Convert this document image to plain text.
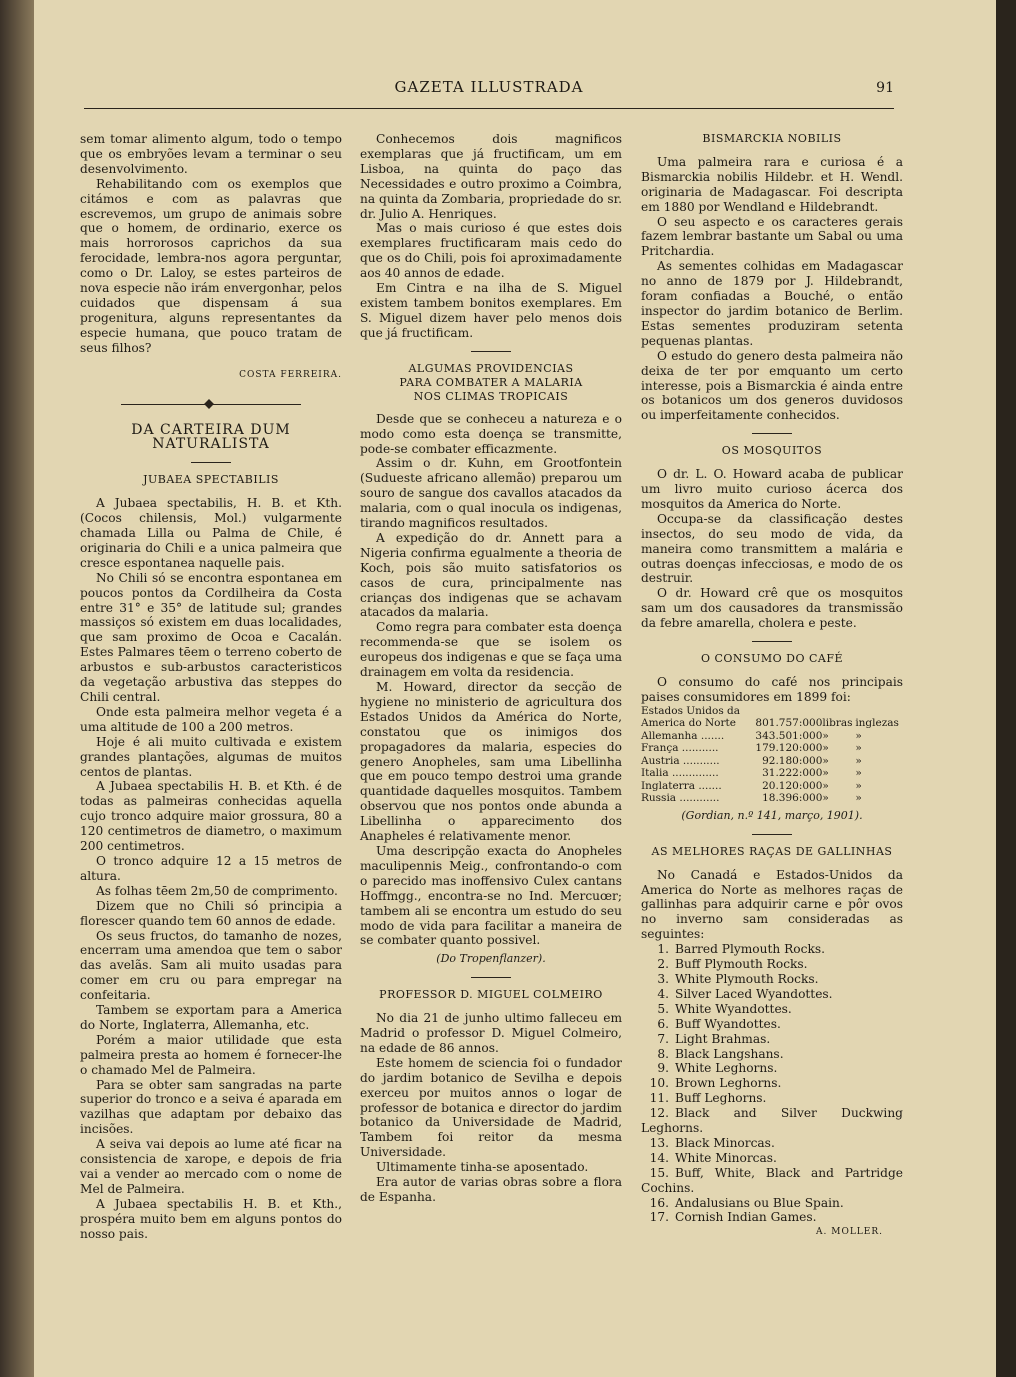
GAZETA ILLUSTRADA	91

sem tomar alimento algum, todo o tempo que os embryões levam a terminar o seu desenvolvimento.

Rehabilitando com os exemplos que citámos e com as palavras que escrevemos, um grupo de animais sobre que o homem, de ordinario, exerce os mais horrorosos caprichos da sua ferocidade, lembra-nos agora perguntar, como o Dr. Laloy, se estes parteiros de nova especie não irám envergonhar, pelos cuidados que dispensam á sua progenitura, alguns representantes da especie humana, que pouco tratam de seus filhos?

COSTA FERREIRA.
DA CARTEIRA DUM NATURALISTA
JUBAEA SPECTABILIS

A Jubaea spectabilis, H. B. et Kth. (Cocos chilensis, Mol.) vulgarmente chamada Lilla ou Palma de Chile, é originaria do Chili e a unica palmeira que cresce espontanea naquelle pais.

No Chili só se encontra espontanea em poucos pontos da Cordilheira da Costa entre 31° e 35° de latitude sul; grandes massiços só existem em duas localidades, que sam proximo de Ocoa e Cacalán. Estes Palmares tēem o terreno coberto de arbustos e sub-arbustos caracteristicos da vegetação arbustiva das steppes do Chili central.

Onde esta palmeira melhor vegeta é a uma altitude de 100 a 200 metros.

Hoje é ali muito cultivada e existem grandes plantações, algumas de muitos centos de plantas.

A Jubaea spectabilis H. B. et Kth. é de todas as palmeiras conhecidas aquella cujo tronco adquire maior grossura, 80 a 120 centimetros de diametro, o maximum 200 centimetros.

O tronco adquire 12 a 15 metros de altura.

As folhas tēem 2m,50 de comprimento.

Dizem que no Chili só principia a florescer quando tem 60 annos de edade.

Os seus fructos, do tamanho de nozes, encerram uma amendoa que tem o sabor das avelãs. Sam ali muito usadas para comer em cru ou para empregar na confeitaria.

Tambem se exportam para a America do Norte, Inglaterra, Allemanha, etc.

Porém a maior utilidade que esta palmeira presta ao homem é fornecer-lhe o chamado Mel de Palmeira.

Para se obter sam sangradas na parte superior do tronco e a seiva é aparada em vazilhas que adaptam por debaixo das incisões.

A seiva vai depois ao lume até ficar na consistencia de xarope, e depois de fria vai a vender ao mercado com o nome de Mel de Palmeira.

A Jubaea spectabilis H. B. et Kth., prospéra muito bem em alguns pontos do nosso pais.

Conhecemos dois magnificos exemplaras que já fructificam, um em Lisboa, na quinta do paço das Necessidades e outro proximo a Coimbra, na quinta da Zombaria, propriedade do sr. dr. Julio A. Henriques.

Mas o mais curioso é que estes dois exemplares fructificaram mais cedo do que os do Chili, pois foi aproximadamente aos 40 annos de edade.

Em Cintra e na ilha de S. Miguel existem tambem bonitos exemplares. Em S. Miguel dizem haver pelo menos dois que já fructificam.

ALGUMAS PROVIDENCIAS
PARA COMBATER A MALARIA
NOS CLIMAS TROPICAIS

Desde que se conheceu a natureza e o modo como esta doença se transmitte, pode-se combater efficazmente.

Assim o dr. Kuhn, em Grootfontein (Sudueste africano allemão) preparou um souro de sangue dos cavallos atacados da malaria, com o qual inocula os indigenas, tirando magnificos resultados.

A expedição do dr. Annett para a Nigeria confirma egualmente a theoria de Koch, pois são muito satisfatorios os casos de cura, principalmente nas crianças dos indigenas que se achavam atacados da malaria.

Como regra para combater esta doença recommenda-se que se isolem os europeus dos indigenas e que se faça uma drainagem em volta da residencia.

M. Howard, director da secção de hygiene no ministerio de agricultura dos Estados Unidos da América do Norte, constatou que os inimigos dos propagadores da malaria, especies do genero Anopheles, sam uma Libellinha que em pouco tempo destroi uma grande quantidade daquelles mosquitos. Tambem observou que nos pontos onde abunda a Libellinha o apparecimento dos Anapheles é relativamente menor.

Uma descripção exacta do Anopheles maculipennis Meig., confrontando-o com o parecido mas inoffensivo Culex cantans Hoffmgg., encontra-se no Ind. Mercuœr; tambem ali se encontra um estudo do seu modo de vida para facilitar a maneira de se combater quanto possivel.

(Do Tropenflanzer).
PROFESSOR D. MIGUEL COLMEIRO

No dia 21 de junho ultimo falleceu em Madrid o professor D. Miguel Colmeiro, na edade de 86 annos.

Este homem de sciencia foi o fundador do jardim botanico de Sevilha e depois exerceu por muitos annos o logar de professor de botanica e director do jardim botanico da Universidade de Madrid, Tambem foi reitor da mesma Universidade.

Ultimamente tinha-se aposentado.

Era autor de varias obras sobre a flora de Espanha.

BISMARCKIA NOBILIS

Uma palmeira rara e curiosa é a Bismarckia nobilis Hildebr. et H. Wendl. originaria de Madagascar. Foi descripta em 1880 por Wendland e Hildebrandt.

O seu aspecto e os caracteres gerais fazem lembrar bastante um Sabal ou uma Pritchardia.

As sementes colhidas em Madagascar no anno de 1879 por J. Hildebrandt, foram confiadas a Bouché, o então inspector do jardim botanico de Berlim. Estas sementes produziram setenta pequenas plantas.

O estudo do genero desta palmeira não deixa de ter por emquanto um certo interesse, pois a Bismarckia é ainda entre os botanicos um dos generos duvidosos ou imperfeitamente conhecidos.

OS MOSQUITOS

O dr. L. O. Howard acaba de publicar um livro muito curioso ácerca dos mosquitos da America do Norte.

Occupa-se da classificação destes insectos, do seu modo de vida, da maneira como transmittem a malária e outras doenças infecciosas, e modo de os destruir.

O dr. Howard crê que os mosquitos sam um dos causadores da transmissão da febre amarella, cholera e peste.

O CONSUMO DO CAFÉ

O consumo do café nos principais paises consumidores em 1899 foi:

Estados Unidos da			
America do Norte	801.757:000	libras	inglezas
Allemanha .......	343.501:000	»	»
França ...........	179.120:000	»	»
Austria ...........	92.180:000	»	»
Italia ..............	31.222:000	»	»
Inglaterra .......	20.120:000	»	»
Russia ............	18.396:000	»	»
(Gordian, n.º 141, março, 1901).
AS MELHORES RAÇAS DE GALLINHAS

No Canadá e Estados-Unidos da America do Norte as melhores raças de gallinhas para adquirir carne e pôr ovos no inverno sam consideradas as seguintes:

1. Barred Plymouth Rocks.
2. Buff Plymouth Rocks.
3. White Plymouth Rocks.
4. Silver Laced Wyandottes.
5. White Wyandottes.
6. Buff Wyandottes.
7. Light Brahmas.
8. Black Langshans.
9. White Leghorns.
10. Brown Leghorns.
11. Buff Leghorns.
12. Black and Silver Duckwing Leghorns.
13. Black Minorcas.
14. White Minorcas.
15. Buff, White, Black and Partridge Cochins.
16. Andalusians ou Blue Spain.
17. Cornish Indian Games.
A. MOLLER.
